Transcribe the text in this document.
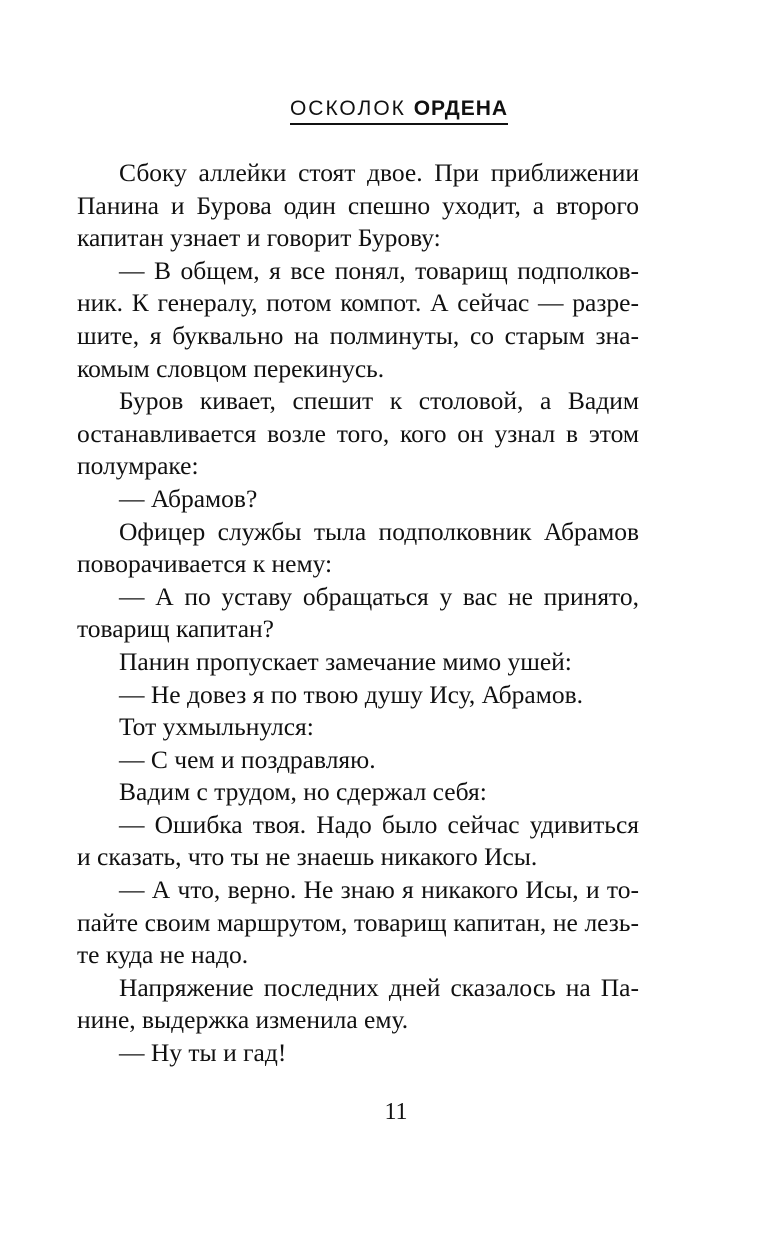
ОСКОЛОК ОРДЕНА
Сбоку аллейки стоят двое. При приближении
Панина и Бурова один спешно уходит, а второго
капитан узнает и говорит Бурову:
— В общем, я все понял, товарищ подполков-
ник. К генералу, потом компот. А сейчас — разре-
шите, я буквально на полминуты, со старым зна-
комым словцом перекинусь.
Буров кивает, спешит к столовой, а Вадим
останавливается возле того, кого он узнал в этом
полумраке:
— Абрамов?
Офицер службы тыла подполковник Абрамов
поворачивается к нему:
— А по уставу обращаться у вас не принято,
товарищ капитан?
Панин пропускает замечание мимо ушей:
— Не довез я по твою душу Ису, Абрамов.
Тот ухмыльнулся:
— С чем и поздравляю.
Вадим с трудом, но сдержал себя:
— Ошибка твоя. Надо было сейчас удивиться
и сказать, что ты не знаешь никакого Исы.
— А что, верно. Не знаю я никакого Исы, и то-
пайте своим маршрутом, товарищ капитан, не лезь-
те куда не надо.
Напряжение последних дней сказалось на Па-
нине, выдержка изменила ему.
— Ну ты и гад!
11
